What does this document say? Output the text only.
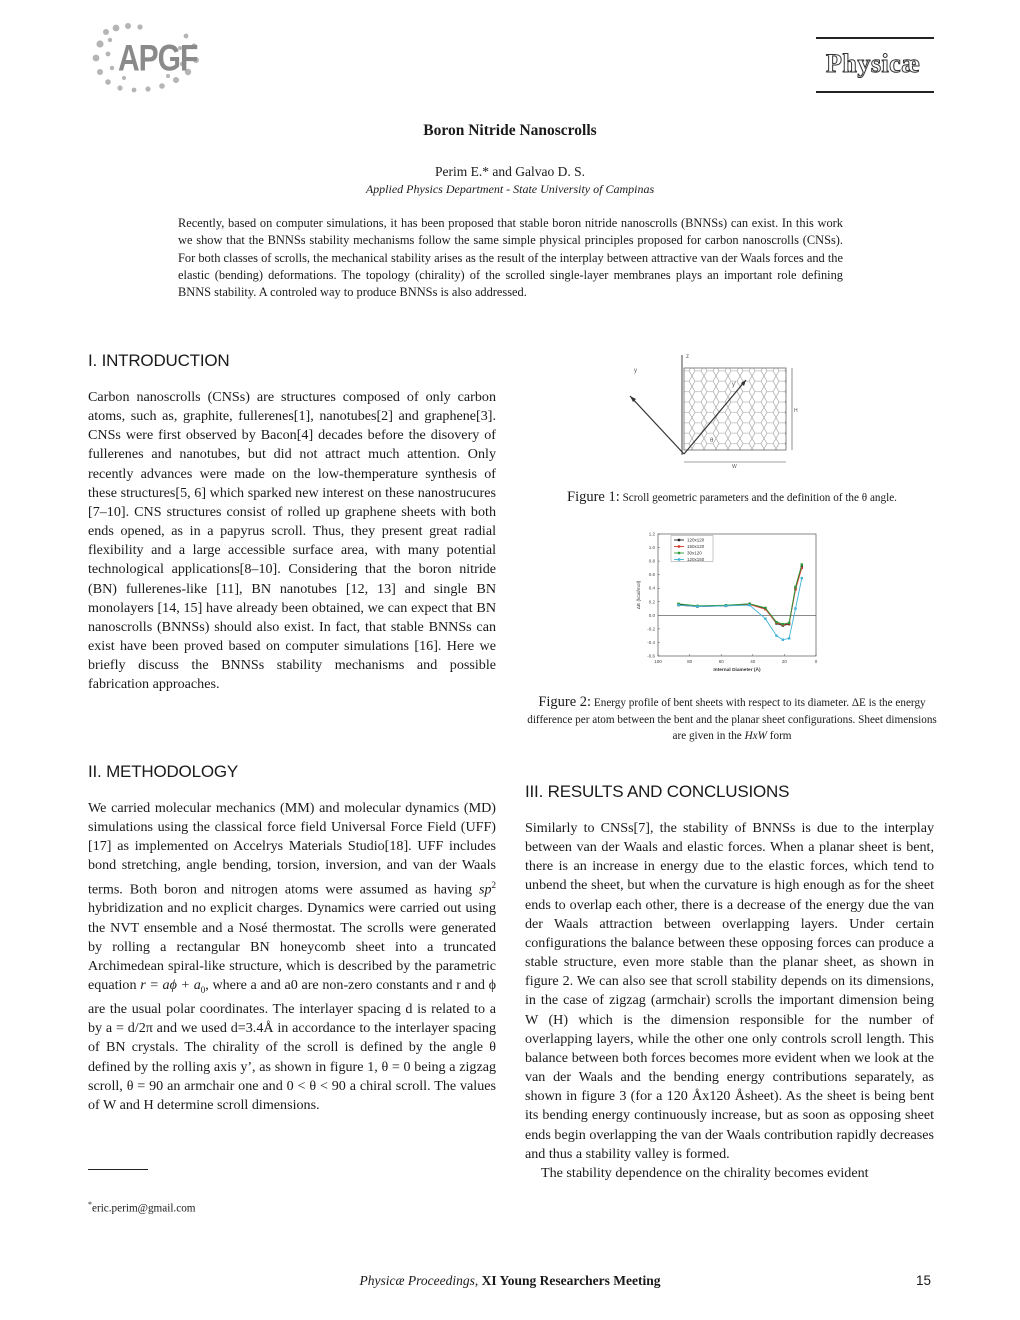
APGF	Physicæ
Boron Nitride Nanoscrolls
Perim E.* and Galvao D. S.
Applied Physics Department - State University of Campinas
Recently, based on computer simulations, it has been proposed that stable boron nitride nanoscrolls (BNNSs) can exist. In this work we show that the BNNSs stability mechanisms follow the same simple physical principles proposed for carbon nanoscrolls (CNSs). For both classes of scrolls, the mechanical stability arises as the result of the interplay between attractive van der Waals forces and the elastic (bending) deformations. The topology (chirality) of the scrolled single-layer membranes plays an important role defining BNNS stability. A controled way to produce BNNSs is also addressed.
I. INTRODUCTION
Carbon nanoscrolls (CNSs) are structures composed of only carbon atoms, such as, graphite, fullerenes[1], nanotubes[2] and graphene[3]. CNSs were first observed by Bacon[4] decades before the disovery of fullerenes and nanotubes, but did not attract much attention. Only recently advances were made on the low-themperature synthesis of these structures[5, 6] which sparked new interest on these nanostrucures [7–10]. CNS structures consist of rolled up graphene sheets with both ends opened, as in a papyrus scroll. Thus, they present great radial flexibility and a large accessible surface area, with many potential technological applications[8–10]. Considering that the boron nitride (BN) fullerenes-like [11], BN nanotubes [12, 13] and single BN monolayers [14, 15] have already been obtained, we can expect that BN nanoscrolls (BNNSs) should also exist. In fact, that stable BNNSs can exist have been proved based on computer simulations [16]. Here we briefly discuss the BNNSs stability mechanisms and possible fabrication approaches.
II. METHODOLOGY
We carried molecular mechanics (MM) and molecular dynamics (MD) simulations using the classical force field Universal Force Field (UFF)[17] as implemented on Accelrys Materials Studio[18]. UFF includes bond stretching, angle bending, torsion, inversion, and van der Waals terms. Both boron and nitrogen atoms were assumed as having $sp^2$ hybridization and no explicit charges. Dynamics were carried out using the NVT ensemble and a Nosé thermostat. The scrolls were generated by rolling a rectangular BN honeycomb sheet into a truncated Archimedean spiral-like structure, which is described by the parametric equation $r = a\phi + a_0$, where a and a0 are non-zero constants and r and ϕ are the usual polar coordinates. The interlayer spacing d is related to a by a = d/2π and we used d=3.4Å in accordance to the interlayer spacing of BN crystals. The chirality of the scroll is defined by the angle θ defined by the rolling axis y’, as shown in figure 1, θ = 0 being a zigzag scroll, θ = 90 an armchair one and 0 < θ < 90 a chiral scroll. The values of W and H determine scroll dimensions.
*eric.perim@gmail.com
z
y
y'
θ
H
W
Figure 1: Scroll geometric parameters and the definition of the θ angle.
1.2
1.0
0.8
0.6
0.4
0.2
0.0
-0.2
-0.4
-0.6
100	80	60	40	20	0
Internal Diameter (Å)
ΔE (kcal/mol)
120x120
150x120
30x120
120x150
Figure 2: Energy profile of bent sheets with respect to its diameter. ΔE is the energy difference per atom between the bent and the planar sheet configurations. Sheet dimensions are given in the HxW form
III. RESULTS AND CONCLUSIONS

Similarly to CNSs[7], the stability of BNNSs is due to the interplay between van der Waals and elastic forces. When a planar sheet is bent, there is an increase in energy due to the elastic forces, which tend to unbend the sheet, but when the curvature is high enough as for the sheet ends to overlap each other, there is a decrease of the energy due the van der Waals attraction between overlapping layers. Under certain configurations the balance between these opposing forces can produce a stable structure, even more stable than the planar sheet, as shown in figure 2. We can also see that scroll stability depends on its dimensions, in the case of zigzag (armchair) scrolls the important dimension being W (H) which is the dimension responsible for the number of overlapping layers, while the other one only controls scroll length. This balance between both forces becomes more evident when we look at the van der Waals and the bending energy contributions separately, as shown in figure 3 (for a 120 Åx120 Åsheet). As the sheet is being bent its bending energy continuously increase, but as soon as opposing sheet ends begin overlapping the van der Waals contribution rapidly decreases and thus a stability valley is formed.

The stability dependence on the chirality becomes evident

Physicæ Proceedings, XI Young Researchers Meeting	15
